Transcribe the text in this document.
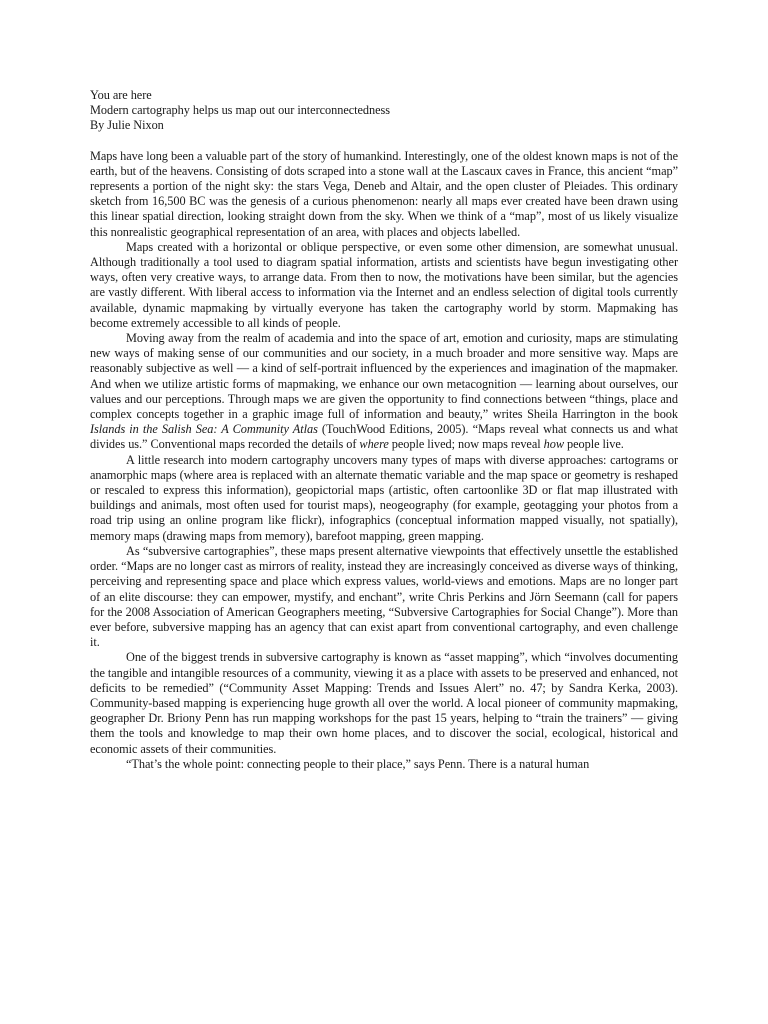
You are here

Modern cartography helps us map out our interconnectedness

By Julie Nixon

Maps have long been a valuable part of the story of humankind. Interestingly, one of the oldest known maps is not of the earth, but of the heavens. Consisting of dots scraped into a stone wall at the Lascaux caves in France, this ancient “map” represents a portion of the night sky: the stars Vega, Deneb and Altair, and the open cluster of Pleiades. This ordinary sketch from 16,500 BC was the genesis of a curious phenomenon: nearly all maps ever created have been drawn using this linear spatial direction, looking straight down from the sky. When we think of a “map”, most of us likely visualize this nonrealistic geographical representation of an area, with places and objects labelled.

Maps created with a horizontal or oblique perspective, or even some other dimension, are somewhat unusual. Although traditionally a tool used to diagram spatial information, artists and scientists have begun investigating other ways, often very creative ways, to arrange data. From then to now, the motivations have been similar, but the agencies are vastly different. With liberal access to information via the Internet and an endless selection of digital tools currently available, dynamic mapmaking by virtually everyone has taken the cartography world by storm. Mapmaking has become extremely accessible to all kinds of people.

Moving away from the realm of academia and into the space of art, emotion and curiosity, maps are stimulating new ways of making sense of our communities and our society, in a much broader and more sensitive way. Maps are reasonably subjective as well — a kind of self-portrait influenced by the experiences and imagination of the mapmaker. And when we utilize artistic forms of mapmaking, we enhance our own metacognition — learning about ourselves, our values and our perceptions. Through maps we are given the opportunity to find connections between “things, place and complex concepts together in a graphic image full of information and beauty,” writes Sheila Harrington in the book Islands in the Salish Sea: A Community Atlas (TouchWood Editions, 2005). “Maps reveal what connects us and what divides us.” Conventional maps recorded the details of where people lived; now maps reveal how people live.

A little research into modern cartography uncovers many types of maps with diverse approaches: cartograms or anamorphic maps (where area is replaced with an alternate thematic variable and the map space or geometry is reshaped or rescaled to express this information), geopictorial maps (artistic, often cartoonlike 3D or flat map illustrated with buildings and animals, most often used for tourist maps), neogeography (for example, geotagging your photos from a road trip using an online program like flickr), infographics (conceptual information mapped visually, not spatially), memory maps (drawing maps from memory), barefoot mapping, green mapping.

As “subversive cartographies”, these maps present alternative viewpoints that effectively unsettle the established order. “Maps are no longer cast as mirrors of reality, instead they are increasingly conceived as diverse ways of thinking, perceiving and representing space and place which express values, world-views and emotions. Maps are no longer part of an elite discourse: they can empower, mystify, and enchant”, write Chris Perkins and Jörn Seemann (call for papers for the 2008 Association of American Geographers meeting, “Subversive Cartographies for Social Change”). More than ever before, subversive mapping has an agency that can exist apart from conventional cartography, and even challenge it.

One of the biggest trends in subversive cartography is known as “asset mapping”, which “involves documenting the tangible and intangible resources of a community, viewing it as a place with assets to be preserved and enhanced, not deficits to be remedied” (“Community Asset Mapping: Trends and Issues Alert” no. 47; by Sandra Kerka, 2003). Community-based mapping is experiencing huge growth all over the world. A local pioneer of community mapmaking, geographer Dr. Briony Penn has run mapping workshops for the past 15 years, helping to “train the trainers” — giving them the tools and knowledge to map their own home places, and to discover the social, ecological, historical and economic assets of their communities.

“That’s the whole point: connecting people to their place,” says Penn. There is a natural human
